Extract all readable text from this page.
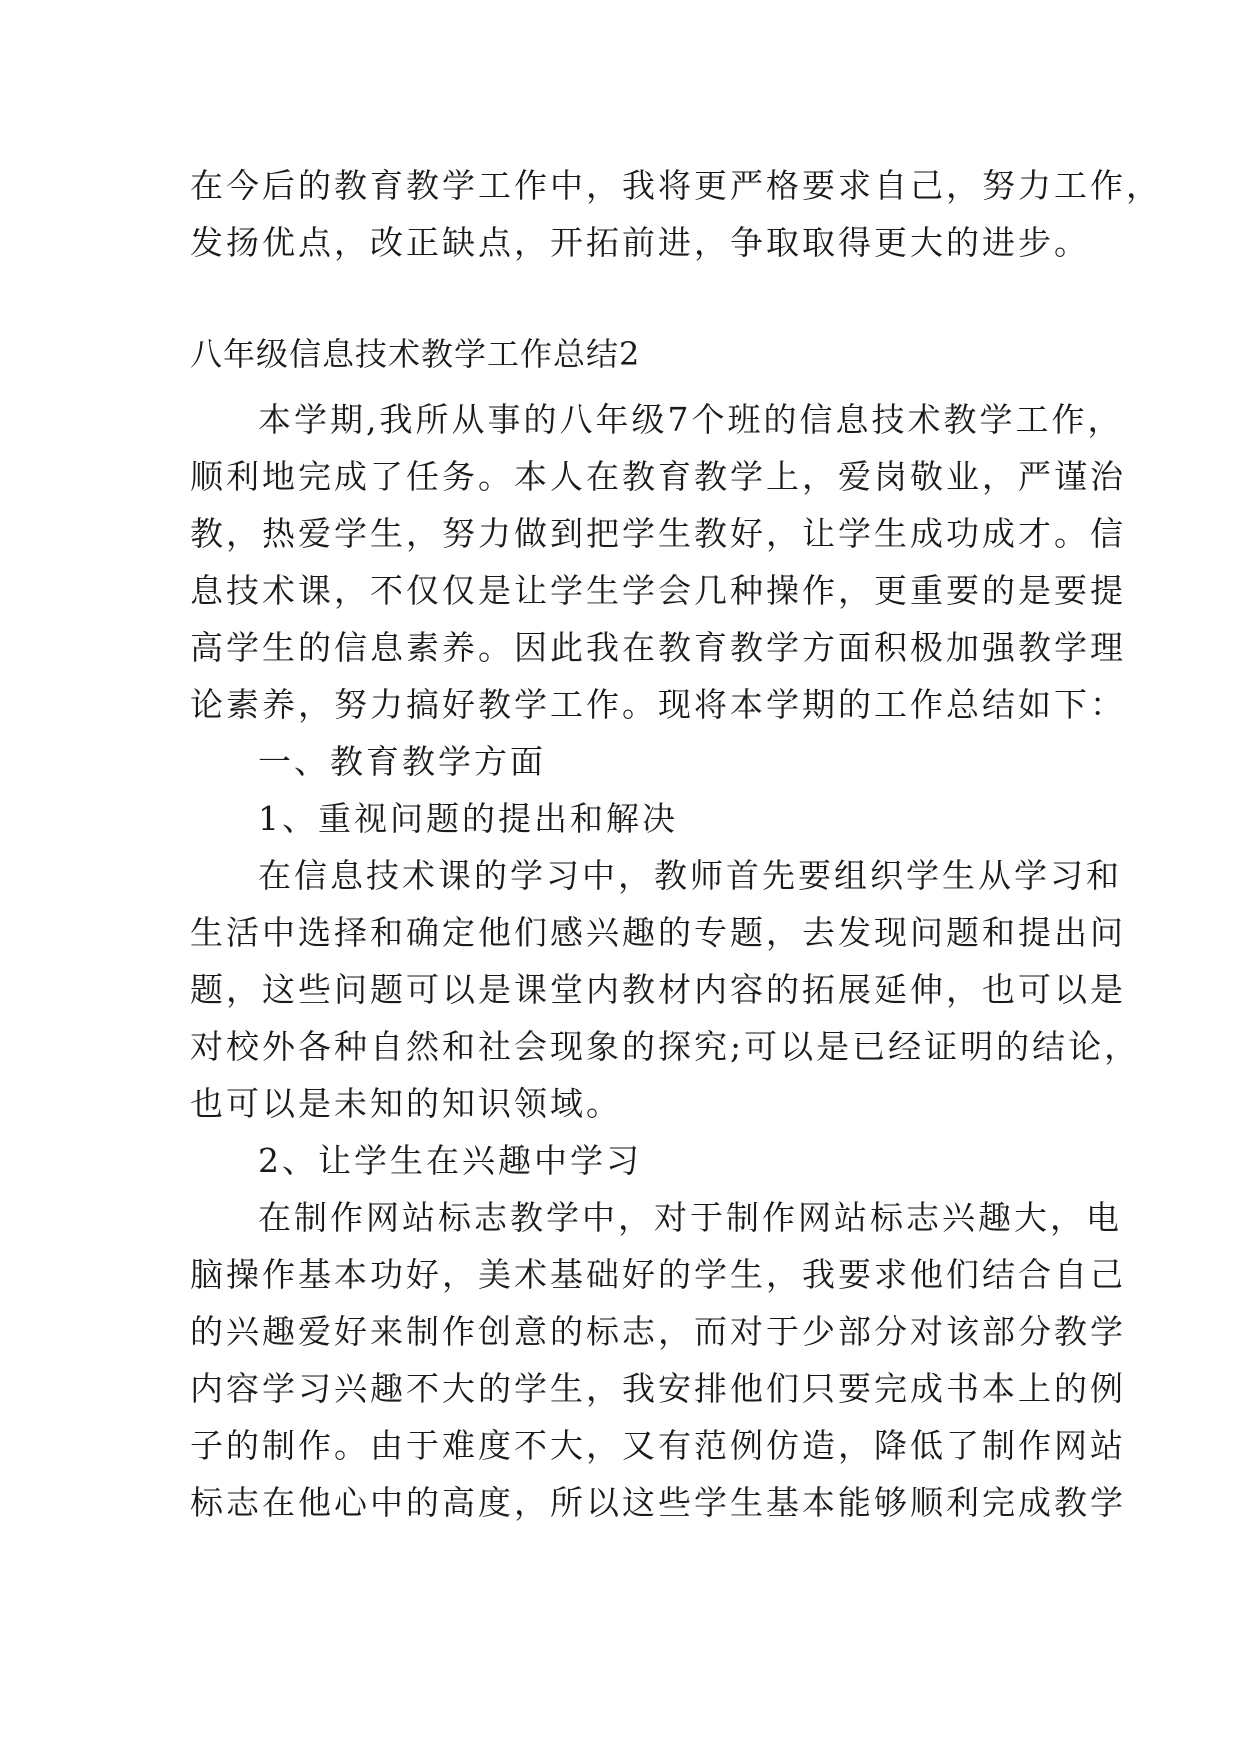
在今后的教育教学工作中，我将更严格要求自己，努力工作，
发扬优点，改正缺点，开拓前进，争取取得更大的进步。
八年级信息技术教学工作总结2
本学期,我所从事的八年级7个班的信息技术教学工作，
顺利地完成了任务。本人在教育教学上，爱岗敬业，严谨治
教，热爱学生，努力做到把学生教好，让学生成功成才。信
息技术课，不仅仅是让学生学会几种操作，更重要的是要提
高学生的信息素养。因此我在教育教学方面积极加强教学理
论素养，努力搞好教学工作。现将本学期的工作总结如下：
一、教育教学方面
1、重视问题的提出和解决
在信息技术课的学习中，教师首先要组织学生从学习和
生活中选择和确定他们感兴趣的专题，去发现问题和提出问
题，这些问题可以是课堂内教材内容的拓展延伸，也可以是
对校外各种自然和社会现象的探究;可以是已经证明的结论，
也可以是未知的知识领域。
2、让学生在兴趣中学习
在制作网站标志教学中，对于制作网站标志兴趣大，电
脑操作基本功好，美术基础好的学生，我要求他们结合自己
的兴趣爱好来制作创意的标志，而对于少部分对该部分教学
内容学习兴趣不大的学生，我安排他们只要完成书本上的例
子的制作。由于难度不大，又有范例仿造，降低了制作网站
标志在他心中的高度，所以这些学生基本能够顺利完成教学
